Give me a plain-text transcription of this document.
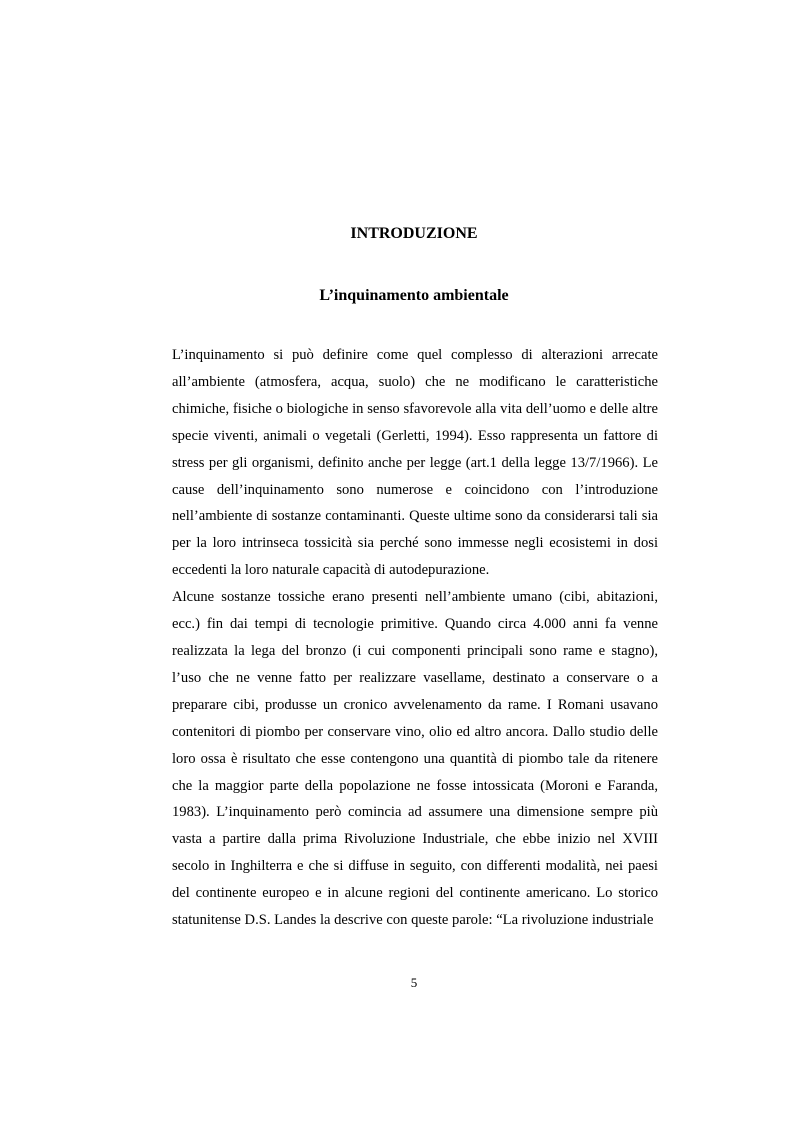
INTRODUZIONE
L’inquinamento ambientale

L’inquinamento si può definire come quel complesso di alterazioni arrecate all’ambiente (atmosfera, acqua, suolo) che ne modificano le caratteristiche chimiche, fisiche o biologiche in senso sfavorevole alla vita dell’uomo e delle altre specie viventi, animali o vegetali (Gerletti, 1994). Esso rappresenta un fattore di stress per gli organismi, definito anche per legge (art.1 della legge 13/7/1966). Le cause dell’inquinamento sono numerose e coincidono con l’introduzione nell’ambiente di sostanze contaminanti. Queste ultime sono da considerarsi tali sia per la loro intrinseca tossicità sia perché sono immesse negli ecosistemi in dosi eccedenti la loro naturale capacità di autodepurazione.

Alcune sostanze tossiche erano presenti nell’ambiente umano (cibi, abitazioni, ecc.) fin dai tempi di tecnologie primitive. Quando circa 4.000 anni fa venne realizzata la lega del bronzo (i cui componenti principali sono rame e stagno), l’uso che ne venne fatto per realizzare vasellame, destinato a conservare o a preparare cibi, produsse un cronico avvelenamento da rame. I Romani usavano contenitori di piombo per conservare vino, olio ed altro ancora. Dallo studio delle loro ossa è risultato che esse contengono una quantità di piombo tale da ritenere che la maggior parte della popolazione ne fosse intossicata (Moroni e Faranda, 1983). L’inquinamento però comincia ad assumere una dimensione sempre più vasta a partire dalla prima Rivoluzione Industriale, che ebbe inizio nel XVIII secolo in Inghilterra e che si diffuse in seguito, con differenti modalità, nei paesi del continente europeo e in alcune regioni del continente americano. Lo storico statunitense D.S. Landes la descrive con queste parole: “La rivoluzione industriale

5
